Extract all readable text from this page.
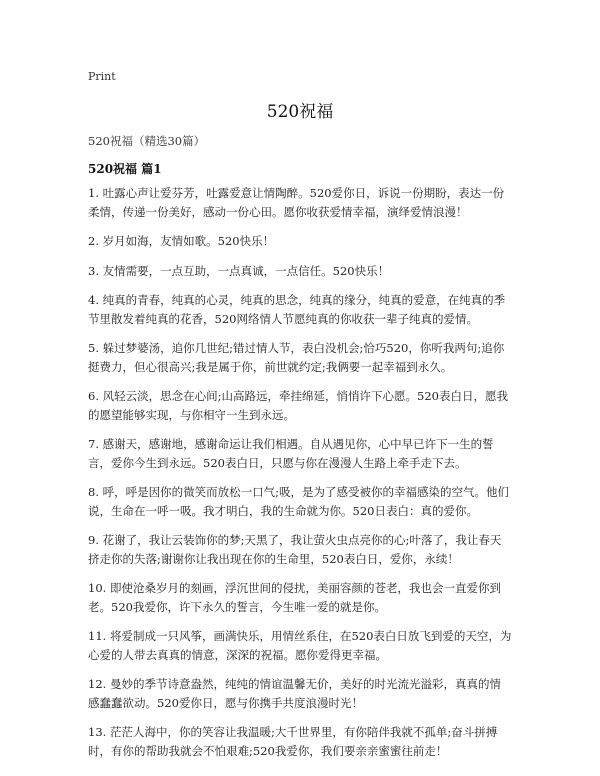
Print
520祝福
520祝福（精选30篇）
520祝福 篇1

1. 吐露心声让爱芬芳，吐露爱意让情陶醉。520爱你日，诉说一份期盼，表达一份柔情，传递一份美好，感动一份心田。愿你收获爱情幸福，演绎爱情浪漫！

2. 岁月如海，友情如歌。520快乐！

3. 友情需要，一点互助，一点真诚，一点信任。520快乐！

4. 纯真的青春，纯真的心灵，纯真的思念，纯真的缘分，纯真的爱意，在纯真的季节里散发着纯真的花香，520网络情人节愿纯真的你收获一辈子纯真的爱情。

5. 躲过梦婆汤，追你几世纪;错过情人节，表白没机会;恰巧520，你听我两句;追你挺费力，但心很高兴;我是属于你，前世就约定;我俩要一起幸福到永久。

6. 风轻云淡，思念在心间;山高路远，牵挂绵延，悄悄许下心愿。520表白日，愿我的愿望能够实现，与你相守一生到永远。

7. 感谢天，感谢地，感谢命运让我们相遇。自从遇见你，心中早已许下一生的誓言，爱你今生到永远。520表白日，只愿与你在漫漫人生路上牵手走下去。

8. 呼，呼是因你的微笑而放松一口气;吸，是为了感受被你的幸福感染的空气。他们说，生命在一呼一吸。我才明白，我的生命就为你。520日表白：真的爱你。

9. 花谢了，我让云装饰你的梦;天黑了，我让萤火虫点亮你的心;叶落了，我让春天挤走你的失落;谢谢你让我出现在你的生命里，520表白日，爱你，永续！

10. 即使沧桑岁月的刻画，浮沉世间的侵扰，美丽容颜的苍老，我也会一直爱你到老。520我爱你，许下永久的誓言，今生唯一爱的就是你。

11. 将爱制成一只风筝，画满快乐，用情丝系住，在520表白日放飞到爱的天空，为心爱的人带去真真的情意，深深的祝福。愿你爱得更幸福。

12. 曼妙的季节诗意盎然，纯纯的情谊温馨无价，美好的时光流光溢彩，真真的情感蠢蠢欲动。520爱你日，愿与你携手共度浪漫时光！

13. 茫茫人海中，你的笑容让我温暖;大千世界里，有你陪伴我就不孤单;奋斗拼搏时，有你的帮助我就会不怕艰难;520我爱你，我们要亲亲蜜蜜往前走！
